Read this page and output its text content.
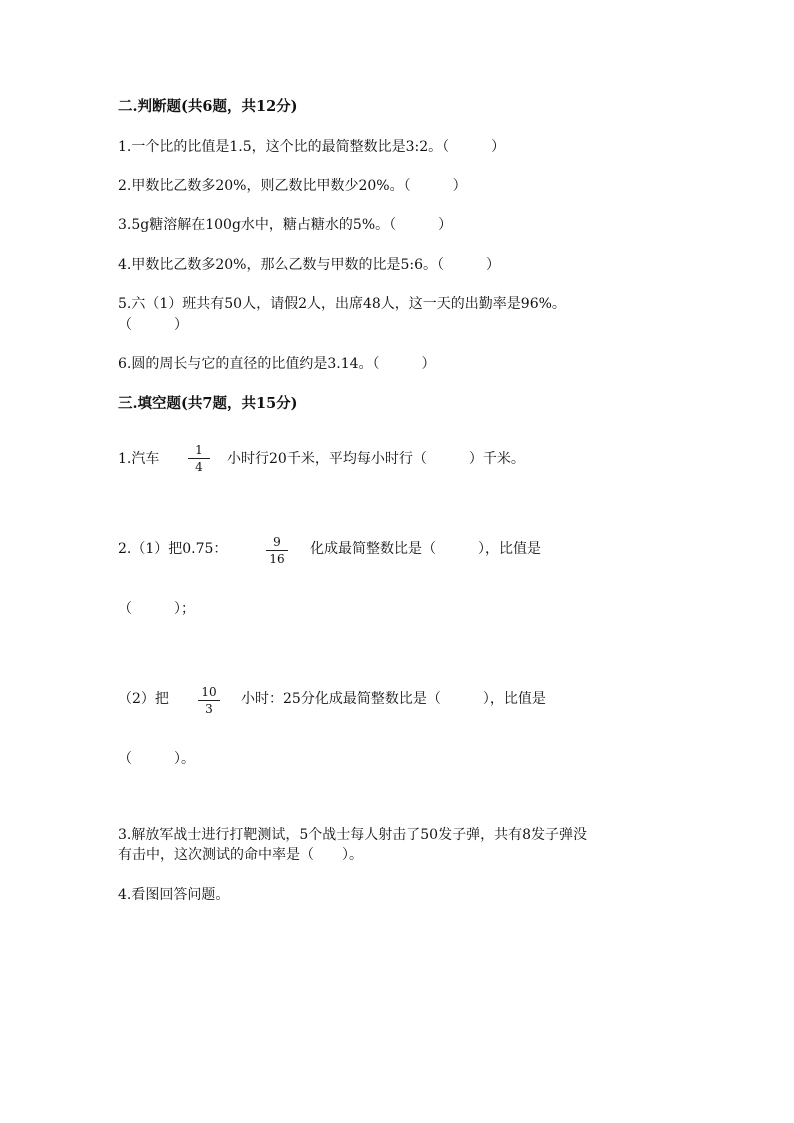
二.判断题(共6题，共12分)
1.一个比的比值是1.5，这个比的最简整数比是3:2。（　　　）
2.甲数比乙数多20%，则乙数比甲数少20%。（　　　）
3.5g糖溶解在100g水中，糖占糖水的5%。（　　　）
4.甲数比乙数多20%，那么乙数与甲数的比是5:6。（　　　）
5.六（1）班共有50人，请假2人，出席48人，这一天的出勤率是96%。
（　　　）
6.圆的周长与它的直径的比值约是3.14。（　　　）
三.填空题(共7题，共15分)
1.汽车
1
4	小时行20千米，平均每小时行（　　　）千米。
2.（1）把0.75：	9
16
化成最简整数比是（　　　），比值是
（　　　）；
（2）把	10
3
小时：25分化成最简整数比是（　　　），比值是
（　　　）。
3.解放军战士进行打靶测试，5个战士每人射击了50发子弹，共有8发子弹没
有击中，这次测试的命中率是（　　）。
4.看图回答问题。
